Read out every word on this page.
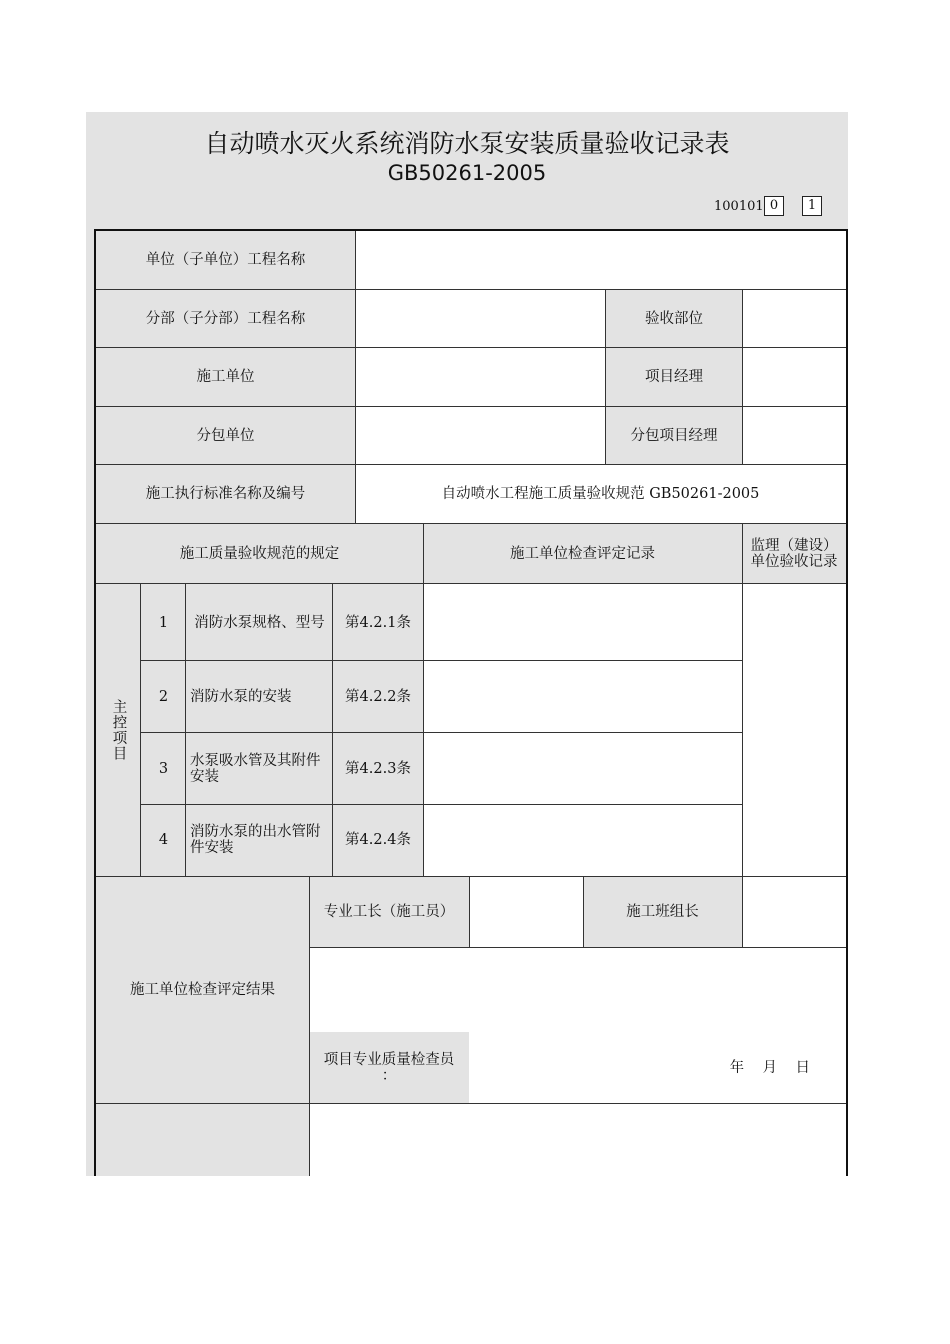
自动喷水灭火系统消防水泵安装质量验收记录表
GB50261-2005
100101 0	1
单位（子单位）工程名称
分部（子分部）工程名称	验收部位
施工单位	项目经理
分包单位	分包项目经理
施工执行标准名称及编号	自动喷水工程施工质量验收规范 GB50261-2005
施工质量验收规范的规定	施工单位检查评定记录	监理（建设）
单位验收记录
主控项目
1	消防水泵规格、型号	第4.2.1条
2	消防水泵的安装	第4.2.2条
3	水泵吸水管及其附件安装	第4.2.3条
4	消防水泵的出水管附件安装	第4.2.4条
施工单位检查评定结果
专业工长（施工员）	施工班组长
项目专业质量检查员
：	年    月    日
